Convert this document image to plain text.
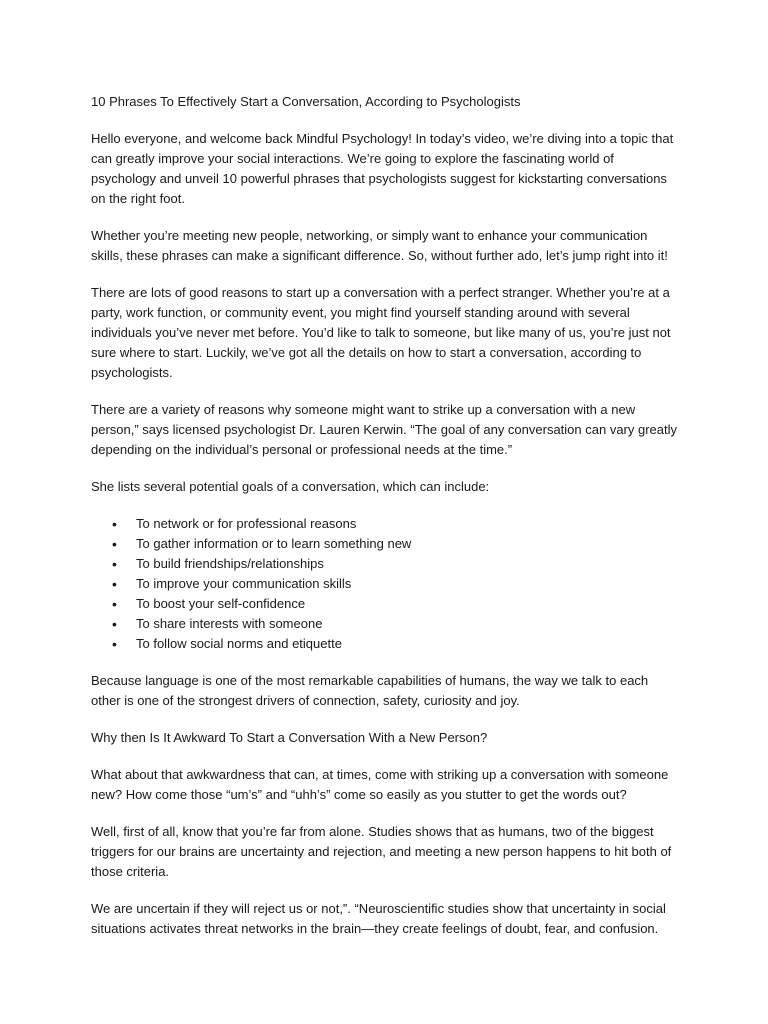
10 Phrases To Effectively Start a Conversation, According to Psychologists

Hello everyone, and welcome back Mindful Psychology! In today’s video, we’re diving into a topic that can greatly improve your social interactions. We’re going to explore the fascinating world of psychology and unveil 10 powerful phrases that psychologists suggest for kickstarting conversations on the right foot.

Whether you’re meeting new people, networking, or simply want to enhance your communication skills, these phrases can make a significant difference. So, without further ado, let’s jump right into it!

There are lots of good reasons to start up a conversation with a perfect stranger. Whether you’re at a party, work function, or community event, you might find yourself standing around with several individuals you’ve never met before. You’d like to talk to someone, but like many of us, you’re just not sure where to start. Luckily, we’ve got all the details on how to start a conversation, according to psychologists.

There are a variety of reasons why someone might want to strike up a conversation with a new person,” says licensed psychologist Dr. Lauren Kerwin. “The goal of any conversation can vary greatly depending on the individual’s personal or professional needs at the time.”

She lists several potential goals of a conversation, which can include:

• To network or for professional reasons
• To gather information or to learn something new
• To build friendships/relationships
• To improve your communication skills
• To boost your self-confidence
• To share interests with someone
• To follow social norms and etiquette

Because language is one of the most remarkable capabilities of humans, the way we talk to each other is one of the strongest drivers of connection, safety, curiosity and joy.

Why then Is It Awkward To Start a Conversation With a New Person?

What about that awkwardness that can, at times, come with striking up a conversation with someone new? How come those “um’s” and “uhh’s” come so easily as you stutter to get the words out?

Well, first of all, know that you’re far from alone. Studies shows that as humans, two of the biggest triggers for our brains are uncertainty and rejection, and meeting a new person happens to hit both of those criteria.

We are uncertain if they will reject us or not,”. “Neuroscientific studies show that uncertainty in social situations activates threat networks in the brain—they create feelings of doubt, fear, and confusion.
